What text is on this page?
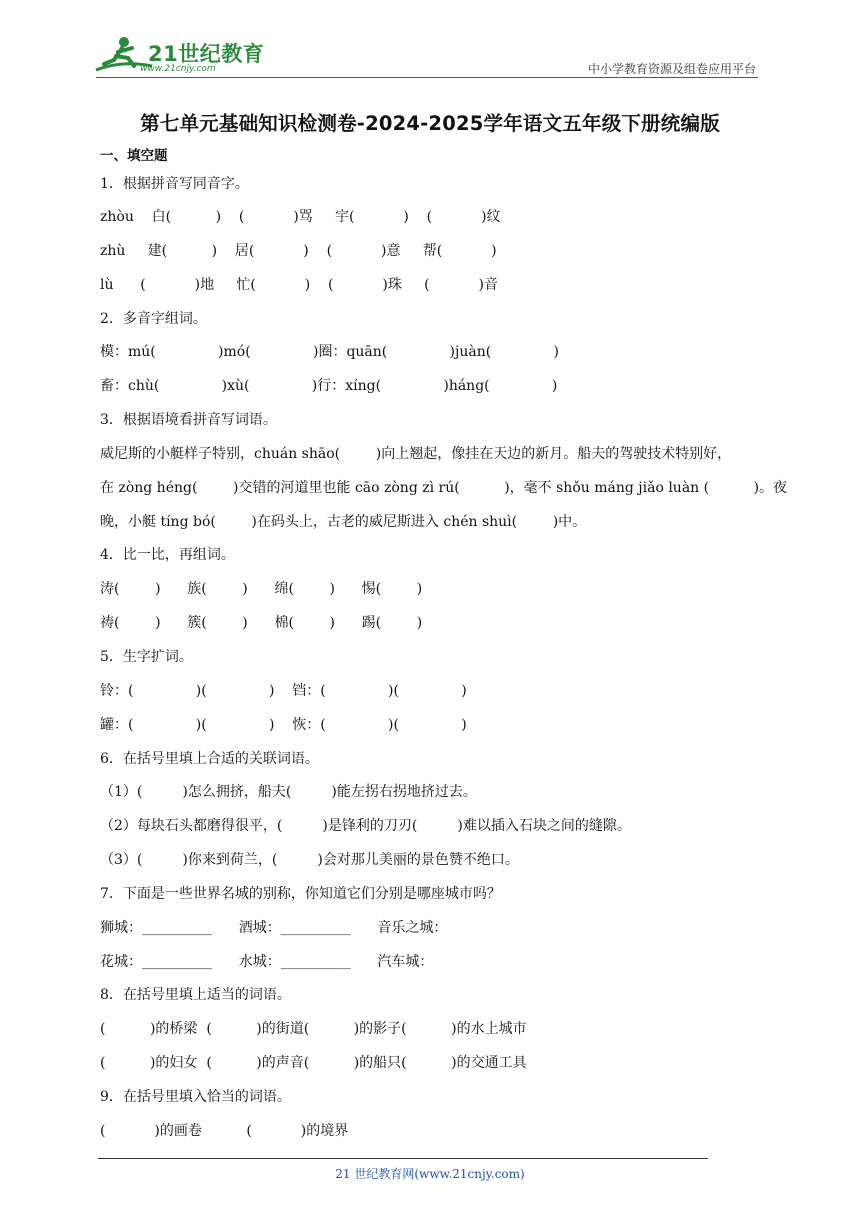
21世纪教育
www.21cnjy.com	中小学教育资源及组卷应用平台
第七单元基础知识检测卷-2024-2025学年语文五年级下册统编版
一、填空题
1．根据拼音写同音字。
zhòu    白(          )    (           )骂     宇(           )    (           )纹
zhù     建(          )    居(           )    (           )意     帮(           )
lù      (           )地     忙(           )    (           )珠     (           )音
2．多音字组词。
模：mú(              )mó(              )圈：quān(              )juàn(              )
畜：chù(              )xù(              )行：xíng(              )háng(              )
3．根据语境看拼音写词语。
威尼斯的小艇样子特别，chuán shāo(        )向上翘起，像挂在天边的新月。船夫的驾驶技术特别好，
在 zòng héng(        )交错的河道里也能 cāo zòng zì rú(          )，毫不 shǒu máng jiǎo luàn (          )。夜
晚，小艇 tíng bó(        )在码头上，古老的威尼斯进入 chén shuì(        )中。
4．比一比，再组词。
涛(        )      族(        )      绵(        )      惕(        )
祷(        )      簇(        )      棉(        )      踢(        )
5．生字扩词。
铃：(              )(              )    铛：(              )(              )
罐：(              )(              )    恢：(              )(              )
6．在括号里填上合适的关联词语。
（1）(         )怎么拥挤，船夫(         )能左拐右拐地挤过去。
（2）每块石头都磨得很平，(         )是锋利的刀刃(         )难以插入石块之间的缝隙。
（3）(         )你来到荷兰，(         )会对那儿美丽的景色赞不绝口。
7．下面是一些世界名城的别称，你知道它们分别是哪座城市吗？
狮城：__________      酒城：__________      音乐之城：
花城：__________      水城：__________      汽车城：
8．在括号里填上适当的词语。
(          )的桥梁  (          )的街道(          )的影子(          )的水上城市
(          )的妇女  (          )的声音(          )的船只(          )的交通工具
9．在括号里填入恰当的词语。
(           )的画卷          (           )的境界
21 世纪教育网(www.21cnjy.com)
